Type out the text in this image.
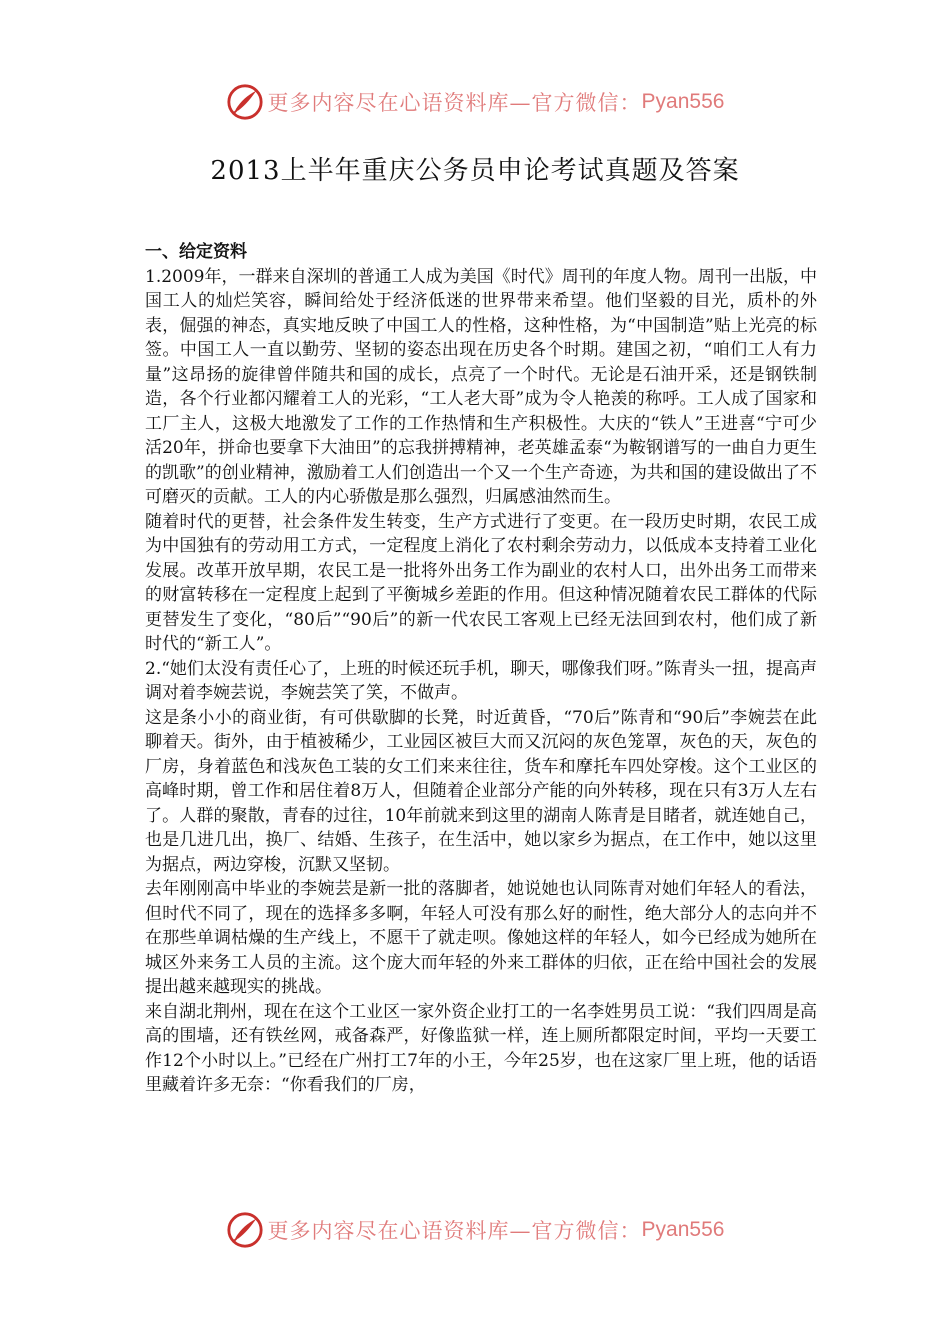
更多内容尽在心语资料库—官方微信： Pyan556
2013上半年重庆公务员申论考试真题及答案

一、给定资料

1.2009年，一群来自深圳的普通工人成为美国《时代》周刊的年度人物。周刊一出版，中国工人的灿烂笑容，瞬间给处于经济低迷的世界带来希望。他们坚毅的目光，质朴的外表，倔强的神态，真实地反映了中国工人的性格，这种性格，为“中国制造”贴上光亮的标签。中国工人一直以勤劳、坚韧的姿态出现在历史各个时期。建国之初，“咱们工人有力量”这昂扬的旋律曾伴随共和国的成长，点亮了一个时代。无论是石油开采，还是钢铁制造，各个行业都闪耀着工人的光彩，“工人老大哥”成为令人艳羡的称呼。工人成了国家和工厂主人，这极大地激发了工作的工作热情和生产积极性。大庆的“铁人”王进喜“宁可少活20年，拼命也要拿下大油田”的忘我拼搏精神，老英雄孟泰“为鞍钢谱写的一曲自力更生的凯歌”的创业精神，激励着工人们创造出一个又一个生产奇迹，为共和国的建设做出了不可磨灭的贡献。工人的内心骄傲是那么强烈，归属感油然而生。

随着时代的更替，社会条件发生转变，生产方式进行了变更。在一段历史时期，农民工成为中国独有的劳动用工方式，一定程度上消化了农村剩余劳动力，以低成本支持着工业化发展。改革开放早期，农民工是一批将外出务工作为副业的农村人口，出外出务工而带来的财富转移在一定程度上起到了平衡城乡差距的作用。但这种情况随着农民工群体的代际更替发生了变化，“80后”“90后”的新一代农民工客观上已经无法回到农村，他们成了新时代的“新工人”。

2.“她们太没有责任心了，上班的时候还玩手机，聊天，哪像我们呀。”陈青头一扭，提高声调对着李婉芸说，李婉芸笑了笑，不做声。

这是条小小的商业街，有可供歇脚的长凳，时近黄昏，“70后”陈青和“90后”李婉芸在此聊着天。街外，由于植被稀少，工业园区被巨大而又沉闷的灰色笼罩，灰色的天，灰色的厂房，身着蓝色和浅灰色工装的女工们来来往往，货车和摩托车四处穿梭。这个工业区的高峰时期，曾工作和居住着8万人，但随着企业部分产能的向外转移，现在只有3万人左右了。人群的聚散，青春的过往，10年前就来到这里的湖南人陈青是目睹者，就连她自己，也是几进几出，换厂、结婚、生孩子，在生活中，她以家乡为据点，在工作中，她以这里为据点，两边穿梭，沉默又坚韧。

去年刚刚高中毕业的李婉芸是新一批的落脚者，她说她也认同陈青对她们年轻人的看法，但时代不同了，现在的选择多多啊，年轻人可没有那么好的耐性，绝大部分人的志向并不在那些单调枯燥的生产线上，不愿干了就走呗。像她这样的年轻人，如今已经成为她所在城区外来务工人员的主流。这个庞大而年轻的外来工群体的归依，正在给中国社会的发展提出越来越现实的挑战。

来自湖北荆州，现在在这个工业区一家外资企业打工的一名李姓男员工说：“我们四周是高高的围墙，还有铁丝网，戒备森严，好像监狱一样，连上厕所都限定时间，平均一天要工作12个小时以上。”已经在广州打工7年的小王，今年25岁，也在这家厂里上班，他的话语里藏着许多无奈：“你看我们的厂房，

更多内容尽在心语资料库—官方微信： Pyan556
